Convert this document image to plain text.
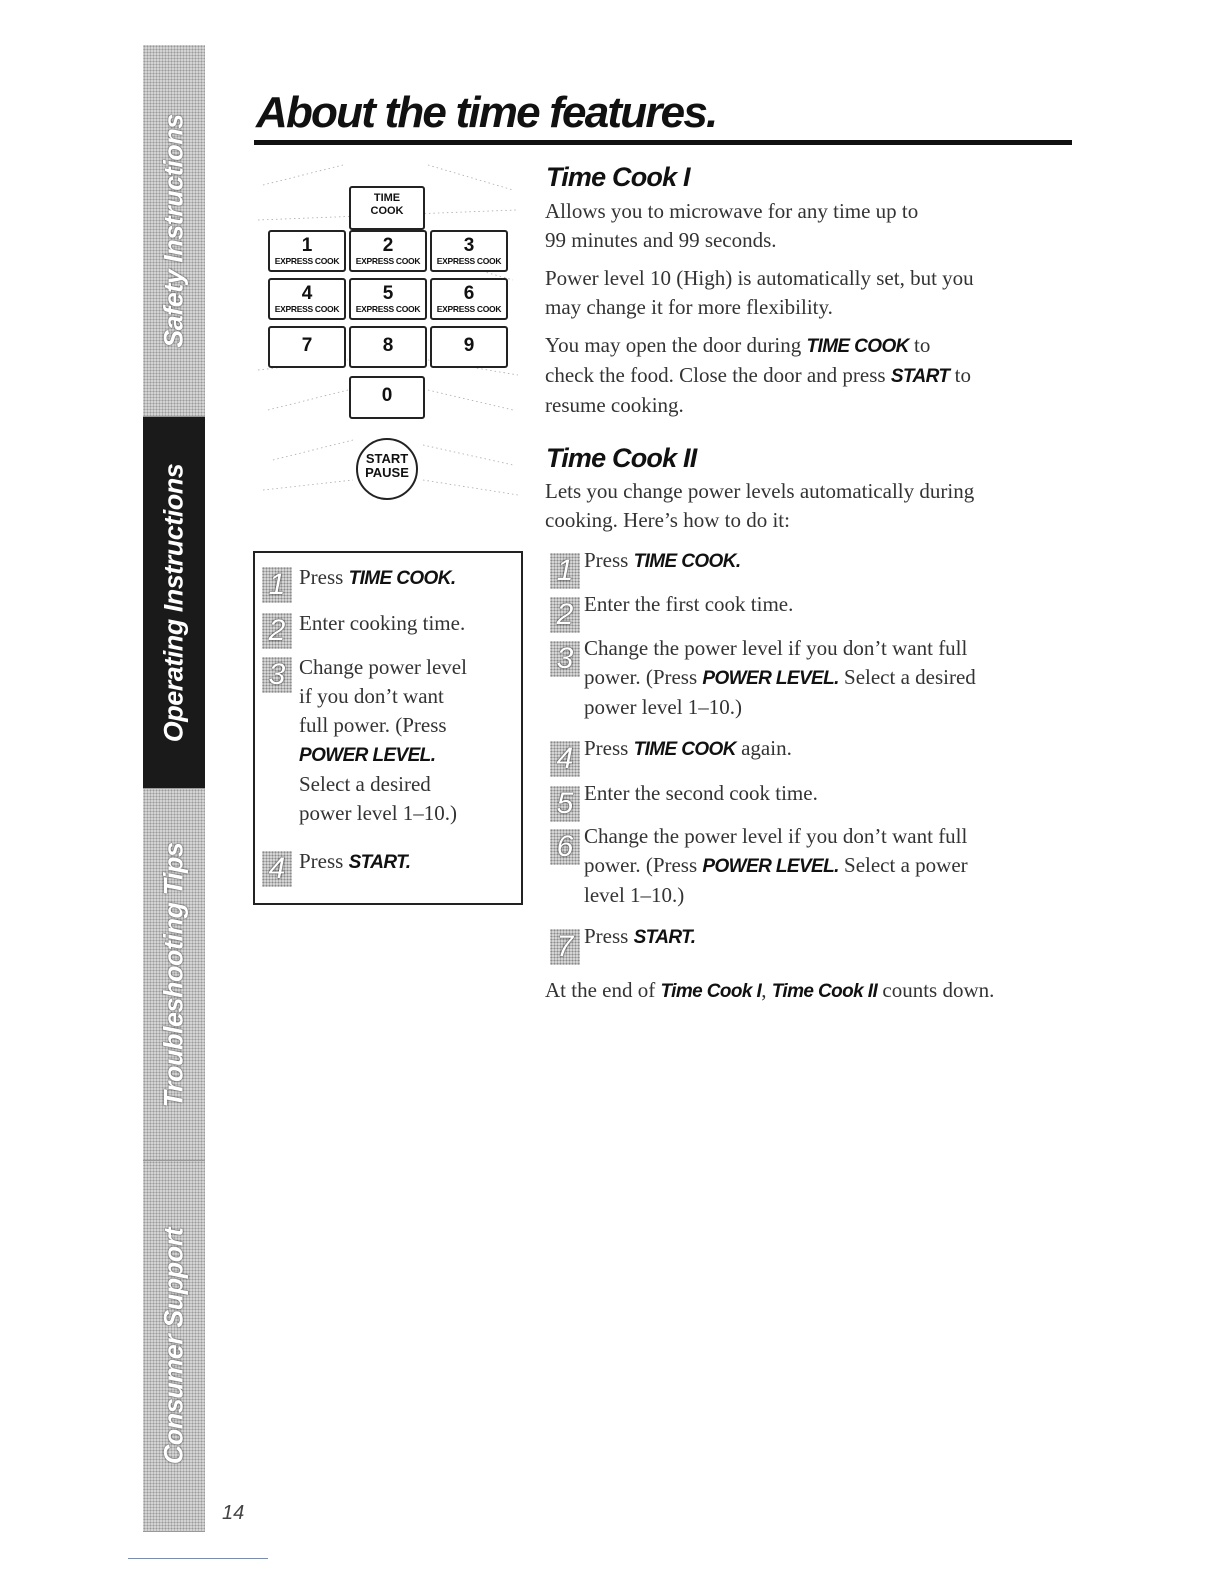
Safety Instructions
Operating Instructions
Troubleshooting Tips
Consumer Support
14
About the time features.
TIME
COOK
1
EXPRESS COOK
2
EXPRESS COOK
3
EXPRESS COOK
4
EXPRESS COOK
5
EXPRESS COOK
6
EXPRESS COOK
7	8	9
0
START
PAUSE
1 Press TIME COOK.
2 Enter cooking time.
3 Change power level
if you don’t want
full power. (Press
POWER LEVEL.
Select a desired
power level 1–10.)
4 Press START.
Time Cook I
Allows you to microwave for any time up to
99 minutes and 99 seconds.
Power level 10 (High) is automatically set, but you
may change it for more flexibility.
You may open the door during TIME COOK to
check the food. Close the door and press START to
resume cooking.
Time Cook II
Lets you change power levels automatically during
cooking. Here’s how to do it:
1 Press TIME COOK.
2 Enter the first cook time.
3 Change the power level if you don’t want full
power. (Press POWER LEVEL. Select a desired
power level 1–10.)
4 Press TIME COOK again.
5 Enter the second cook time.
6 Change the power level if you don’t want full
power. (Press POWER LEVEL. Select a power
level 1–10.)
7 Press START.
At the end of Time Cook I, Time Cook II counts down.
